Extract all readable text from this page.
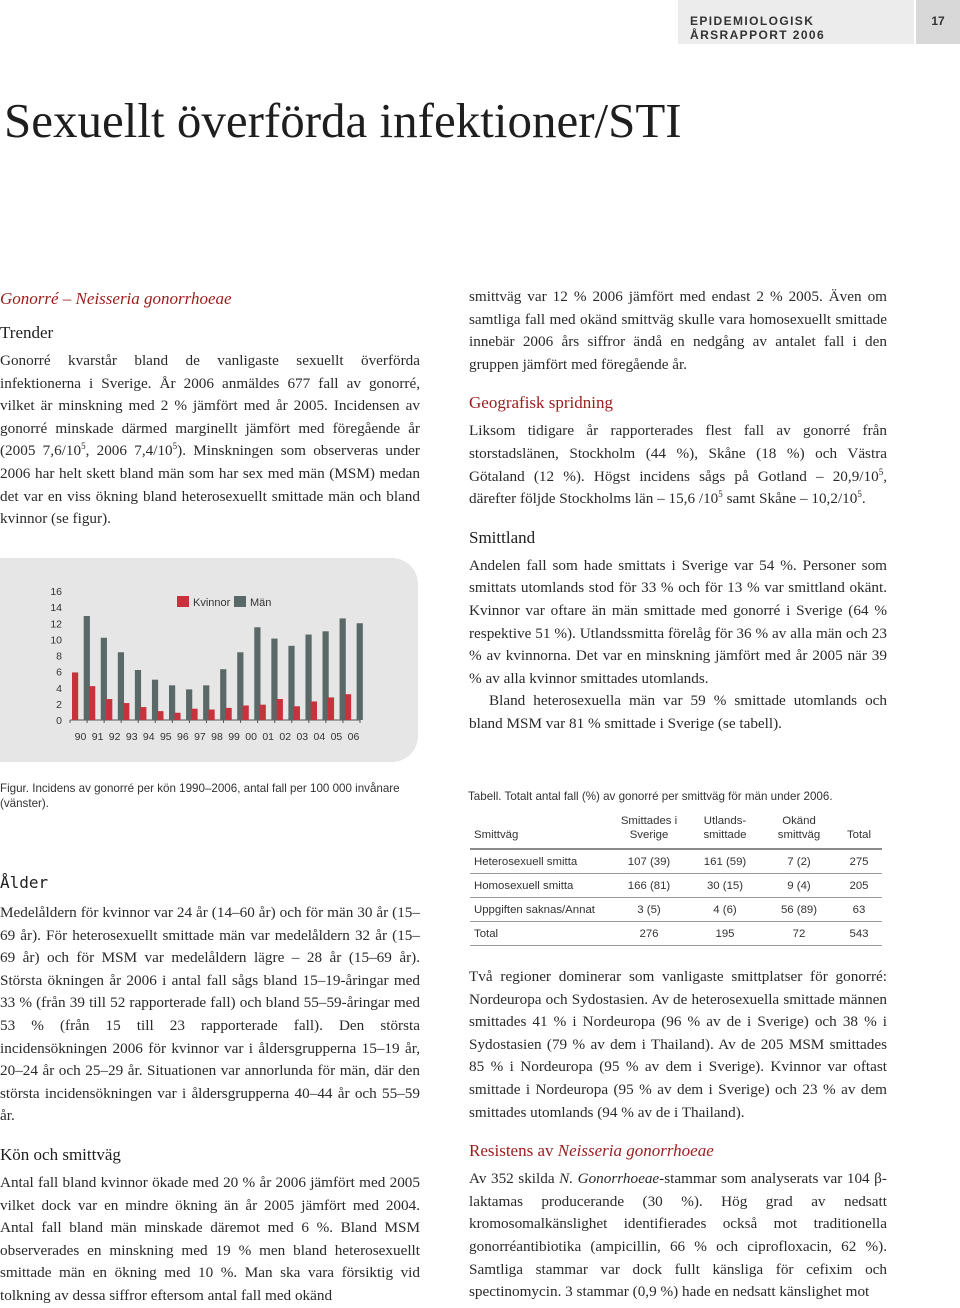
EPIDEMIOLOGISK ÅRSRAPPORT 2006
17
Sexuellt överförda infektioner/STI
Gonorré – Neisseria gonorrhoeae
Trender

Gonorré kvarstår bland de vanligaste sexuellt överförda infektionerna i Sverige. År 2006 anmäldes 677 fall av gonorré, vilket är minskning med 2 % jämfört med år 2005. Incidensen av gonorré minskade därmed marginellt jämfört med föregående år (2005 $7,6/10^5$, 2006 $7,4/10^5$). Minskningen som observeras under 2006 har helt skett bland män som har sex med män (MSM) medan det var en viss ökning bland heterosexuellt smittade män och bland kvinnor (se figur).

0
2
4
6
8
10
12
14
16
90 91 92 93 94 95 96 97 98 99 00 01 02 03 04 05 06
Kvinnor Män
Figur. Incidens av gonorré per kön 1990–2006, antal fall per 100 000 invånare (vänster).
Ålder

Medelåldern för kvinnor var 24 år (14–60 år) och för män 30 år (15–69 år). För heterosexuellt smittade män var medelåldern 32 år (15–69 år) och för MSM var medelåldern lägre – 28 år (15–69 år). Största ökningen år 2006 i antal fall sågs bland 15–19-åringar med 33 % (från 39 till 52 rapporterade fall) och bland 55–59-åringar med 53 % (från 15 till 23 rapporterade fall). Den största incidensökningen 2006 för kvinnor var i åldersgrupperna 15–19 år, 20–24 år och 25–29 år. Situationen var annorlunda för män, där den största incidensökningen var i åldersgrupperna 40–44 år och 55–59 år.

Kön och smittväg

Antal fall bland kvinnor ökade med 20 % år 2006 jämfört med 2005 vilket dock var en mindre ökning än år 2005 jämfört med 2004. Antal fall bland män minskade däremot med 6 %. Bland MSM observerades en minskning med 19 % men bland heterosexuellt smittade män en ökning med 10 %. Man ska vara försiktig vid tolkning av dessa siffror eftersom antal fall med okänd

smittväg var 12 % 2006 jämfört med endast 2 % 2005. Även om samtliga fall med okänd smittväg skulle vara homosexuellt smittade innebär 2006 års siffror ändå en nedgång av antalet fall i den gruppen jämfört med föregående år.

Geografisk spridning

Liksom tidigare år rapporterades flest fall av gonorré från storstadslänen, Stockholm (44 %), Skåne (18 %) och Västra Götaland (12 %). Högst incidens sågs på Gotland – $20,9/10^5$, därefter följde Stockholms län – 15,6 $/10^5$ samt Skåne – $10,2/10^5$.

Smittland

Andelen fall som hade smittats i Sverige var 54 %. Personer som smittats utomlands stod för 33 % och för 13 % var smittland okänt. Kvinnor var oftare än män smittade med gonorré i Sverige (64 % respektive 51 %). Utlandssmitta förelåg för 36 % av alla män och 23 % av kvinnorna. Det var en minskning jämfört med år 2005 när 39 % av alla kvinnor smittades utomlands.

Bland heterosexuella män var 59 % smittade utomlands och bland MSM var 81 % smittade i Sverige (se tabell).

Tabell. Totalt antal fall (%) av gonorré per smittväg för män under 2006.
Smittväg	Smittades i Sverige	Utlands-smittade	Okänd smittväg	Total
Heterosexuell smitta	107 (39)	161 (59)	7 (2)	275
Homosexuell smitta	166 (81)	30 (15)	9 (4)	205
Uppgiften saknas/Annat	3 (5)	4 (6)	56 (89)	63
Total	276	195	72	543

Två regioner dominerar som vanligaste smittplatser för gonorré: Nordeuropa och Sydostasien. Av de heterosexuella smittade männen smittades 41 % i Nordeuropa (96 % av de i Sverige) och 38 % i Sydostasien (79 % av dem i Thailand). Av de 205 MSM smittades 85 % i Nordeuropa (95 % av dem i Sverige). Kvinnor var oftast smittade i Nordeuropa (95 % av dem i Sverige) och 23 % av dem smittades utomlands (94 % av de i Thailand).

Resistens av Neisseria gonorrhoeae

Av 352 skilda N. Gonorrhoeae-stammar som analyserats var 104 β-laktamas producerande (30 %). Hög grad av nedsatt kromosomalkänslighet identifierades också mot traditionella gonorréantibiotika (ampicillin, 66 % och ciprofloxacin, 62 %). Samtliga stammar var dock fullt känsliga för cefixim och spectinomycin. 3 stammar (0,9 %) hade en nedsatt känslighet mot
